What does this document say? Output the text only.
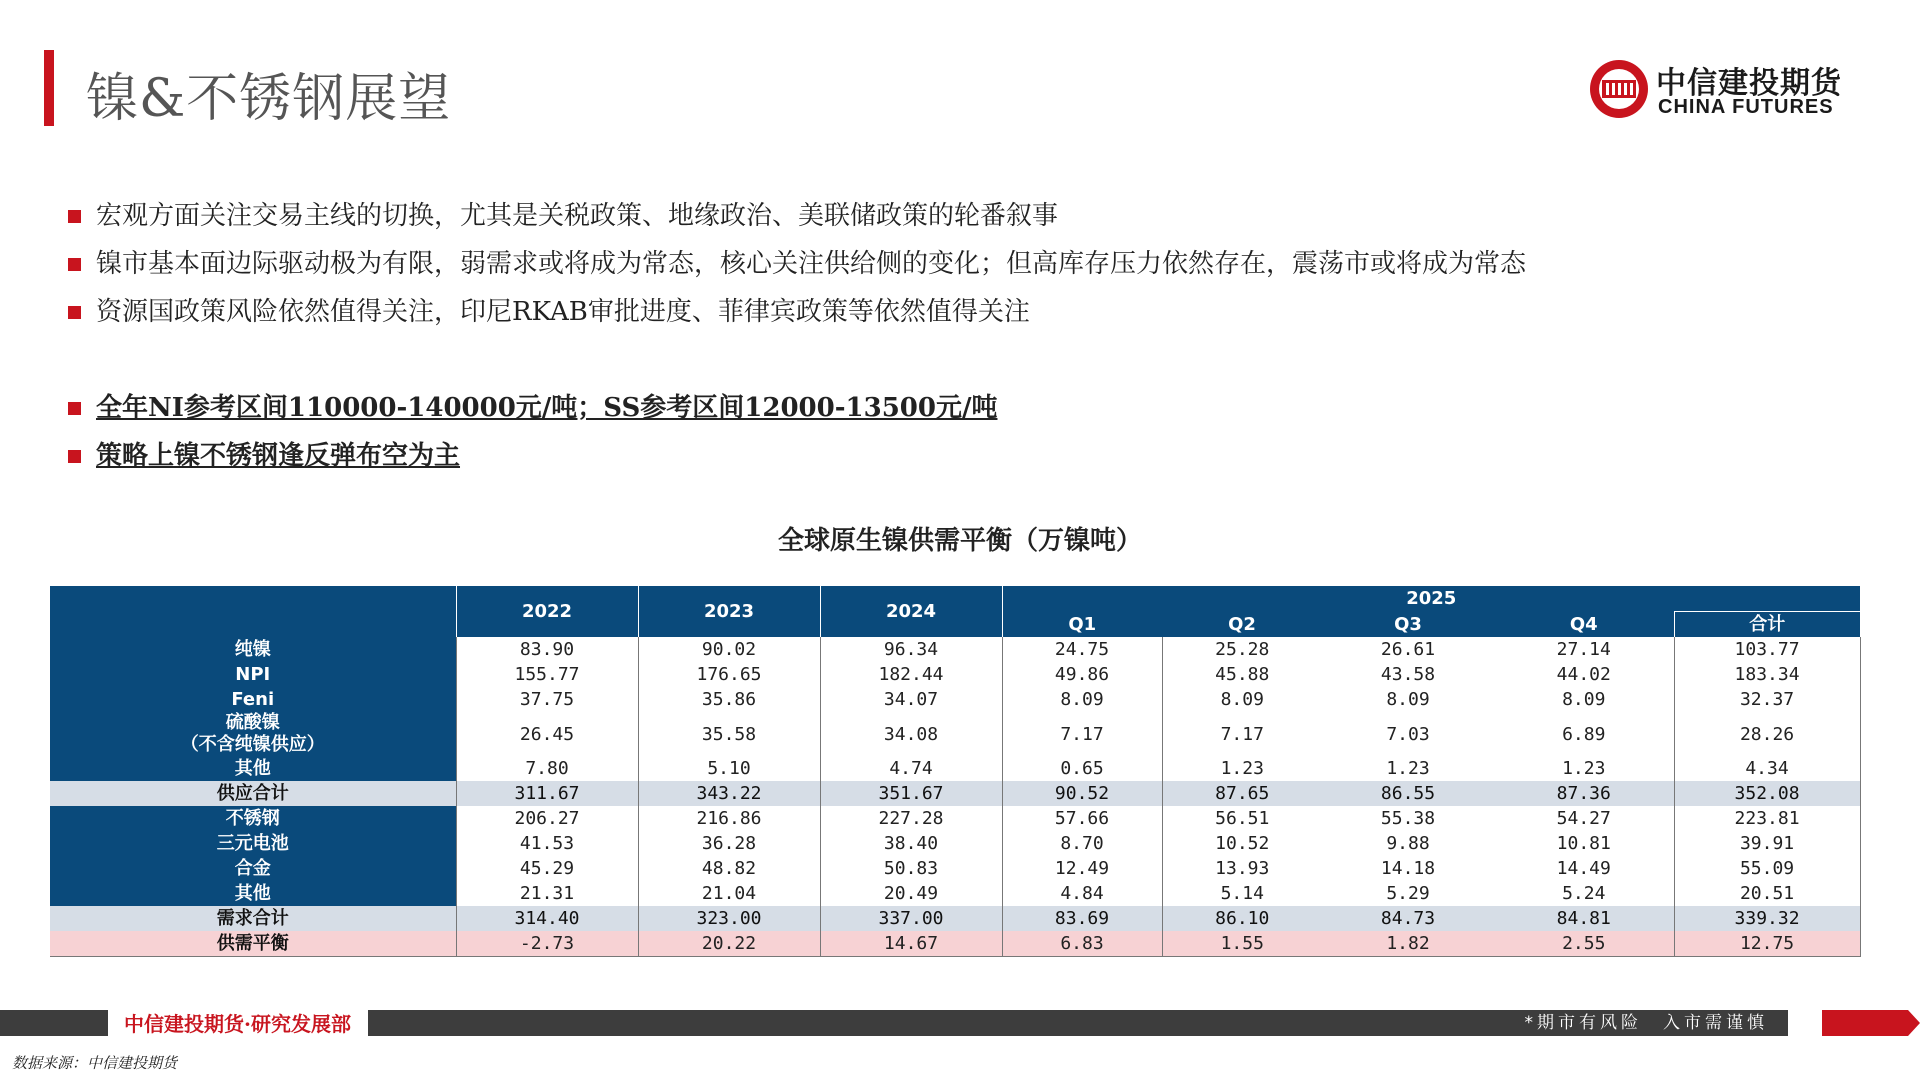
镍&不锈钢展望	中信建投期货
CHINA FUTURES
宏观方面关注交易主线的切换，尤其是关税政策、地缘政治、美联储政策的轮番叙事
镍市基本面边际驱动极为有限，弱需求或将成为常态，核心关注供给侧的变化；但高库存压力依然存在，震荡市或将成为常态
资源国政策风险依然值得关注，印尼RKAB审批进度、菲律宾政策等依然值得关注
全年NI参考区间110000-140000元/吨；SS参考区间12000-13500元/吨
策略上镍不锈钢逢反弹布空为主
全球原生镍供需平衡（万镍吨）
	2022	2023	2024	2025				
				Q1	Q2	Q3	Q4	合计
纯镍	83.90	90.02	96.34	24.75	25.28	26.61	27.14	103.77
NPI	155.77	176.65	182.44	49.86	45.88	43.58	44.02	183.34
Feni	37.75	35.86	34.07	8.09	8.09	8.09	8.09	32.37

硫酸镍
（不含纯镍供应）	26.45	35.58	34.08	7.17	7.17	7.03	6.89	28.26
其他	7.80	5.10	4.74	0.65	1.23	1.23	1.23	4.34
供应合计	311.67	343.22	351.67	90.52	87.65	86.55	87.36	352.08
不锈钢	206.27	216.86	227.28	57.66	56.51	55.38	54.27	223.81
三元电池	41.53	36.28	38.40	8.70	10.52	9.88	10.81	39.91
合金	45.29	48.82	50.83	12.49	13.93	14.18	14.49	55.09
其他	21.31	21.04	20.49	4.84	5.14	5.29	5.24	20.51
需求合计	314.40	323.00	337.00	83.69	86.10	84.73	84.81	339.32
供需平衡	-2.73	20.22	14.67	6.83	1.55	1.82	2.55	12.75
中信建投期货·研究发展部	*期市有风险　入市需谨慎
数据来源：中信建投期货
